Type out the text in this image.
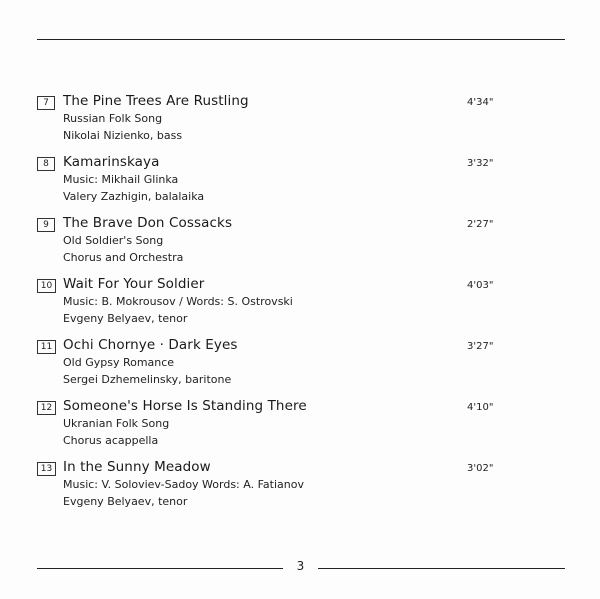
7	The Pine Trees Are Rustling
Russian Folk Song
Nikolai Nizienko, bass
4'34"
8	Kamarinskaya
Music: Mikhail Glinka
Valery Zazhigin, balalaika
3'32"
9	The Brave Don Cossacks
Old Soldier's Song
Chorus and Orchestra
2'27"
10 Wait For Your Soldier
Music: B. Mokrousov / Words: S. Ostrovski
Evgeny Belyaev, tenor
4'03"
11 Ochi Chornye · Dark Eyes
Old Gypsy Romance
Sergei Dzhemelinsky, baritone
3'27"
12 Someone's Horse Is Standing There
Ukranian Folk Song
Chorus acappella
4'10"
13 In the Sunny Meadow
Music: V. Soloviev-Sadoy Words: A. Fatianov
Evgeny Belyaev, tenor
3'02"
3
